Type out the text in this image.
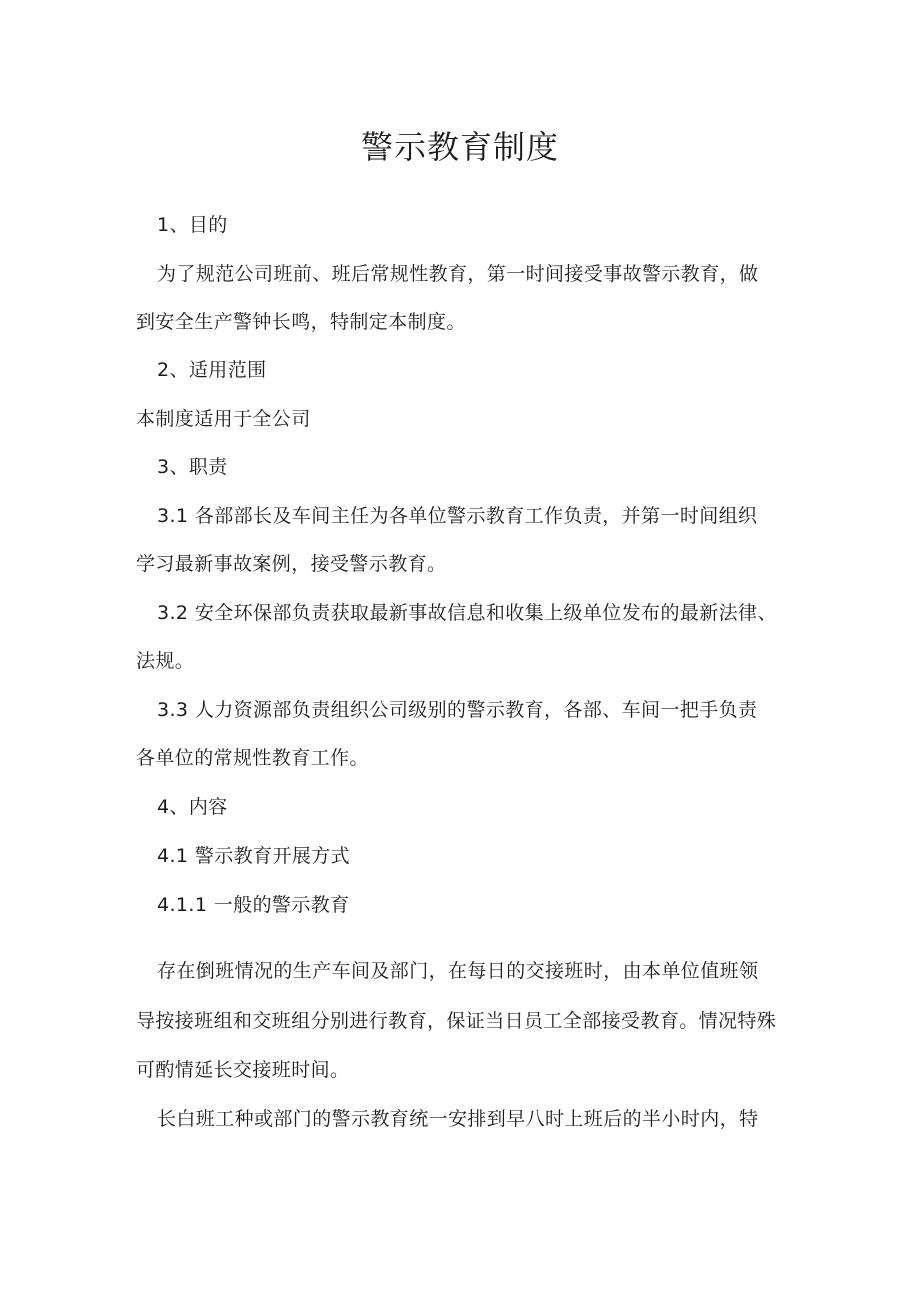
警示教育制度

1、目的

为了规范公司班前、班后常规性教育，第一时间接受事故警示教育，做

到安全生产警钟长鸣，特制定本制度。

2、适用范围

本制度适用于全公司

3、职责

3.1 各部部长及车间主任为各单位警示教育工作负责，并第一时间组织

学习最新事故案例，接受警示教育。

3.2 安全环保部负责获取最新事故信息和收集上级单位发布的最新法律、

法规。

3.3 人力资源部负责组织公司级别的警示教育，各部、车间一把手负责

各单位的常规性教育工作。

4、内容

4.1 警示教育开展方式

4.1.1 一般的警示教育

存在倒班情况的生产车间及部门，在每日的交接班时，由本单位值班领

导按接班组和交班组分别进行教育，保证当日员工全部接受教育。情况特殊

可酌情延长交接班时间。

长白班工种或部门的警示教育统一安排到早八时上班后的半小时内，特
